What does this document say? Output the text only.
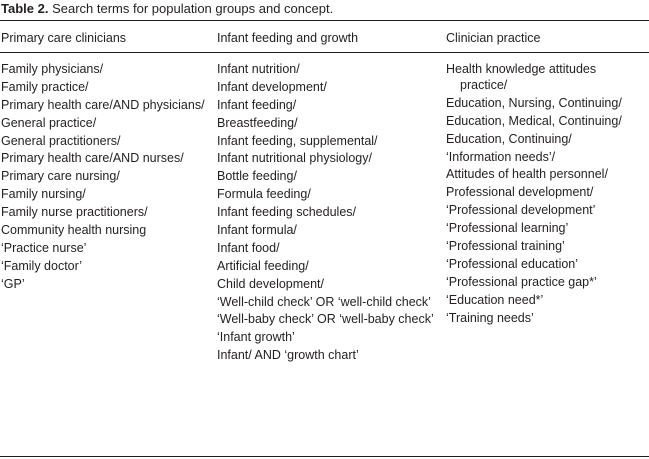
Table 2. Search terms for population groups and concept.
Primary care clinicians	Infant feeding and growth	Clinician practice
Family physicians/
Family practice/
Primary health care/AND physicians/
General practice/
General practitioners/
Primary health care/AND nurses/
Primary care nursing/
Family nursing/
Family nurse practitioners/
Community health nursing
‘Practice nurse’
‘Family doctor’
‘GP’
Infant nutrition/
Infant development/
Infant feeding/
Breastfeeding/
Infant feeding, supplemental/
Infant nutritional physiology/
Bottle feeding/
Formula feeding/
Infant feeding schedules/
Infant formula/
Infant food/
Artificial feeding/
Child development/
‘Well-child check’ OR ‘well-child check’
‘Well-baby check’ OR ‘well-baby check’
‘Infant growth’
Infant/ AND ‘growth chart’
Health knowledge attitudes practice/
Education, Nursing, Continuing/
Education, Medical, Continuing/
Education, Continuing/
‘Information needs’/
Attitudes of health personnel/
Professional development/
‘Professional development’
‘Professional learning’
‘Professional training’
‘Professional education’
‘Professional practice gap*’
‘Education need*’
‘Training needs’
